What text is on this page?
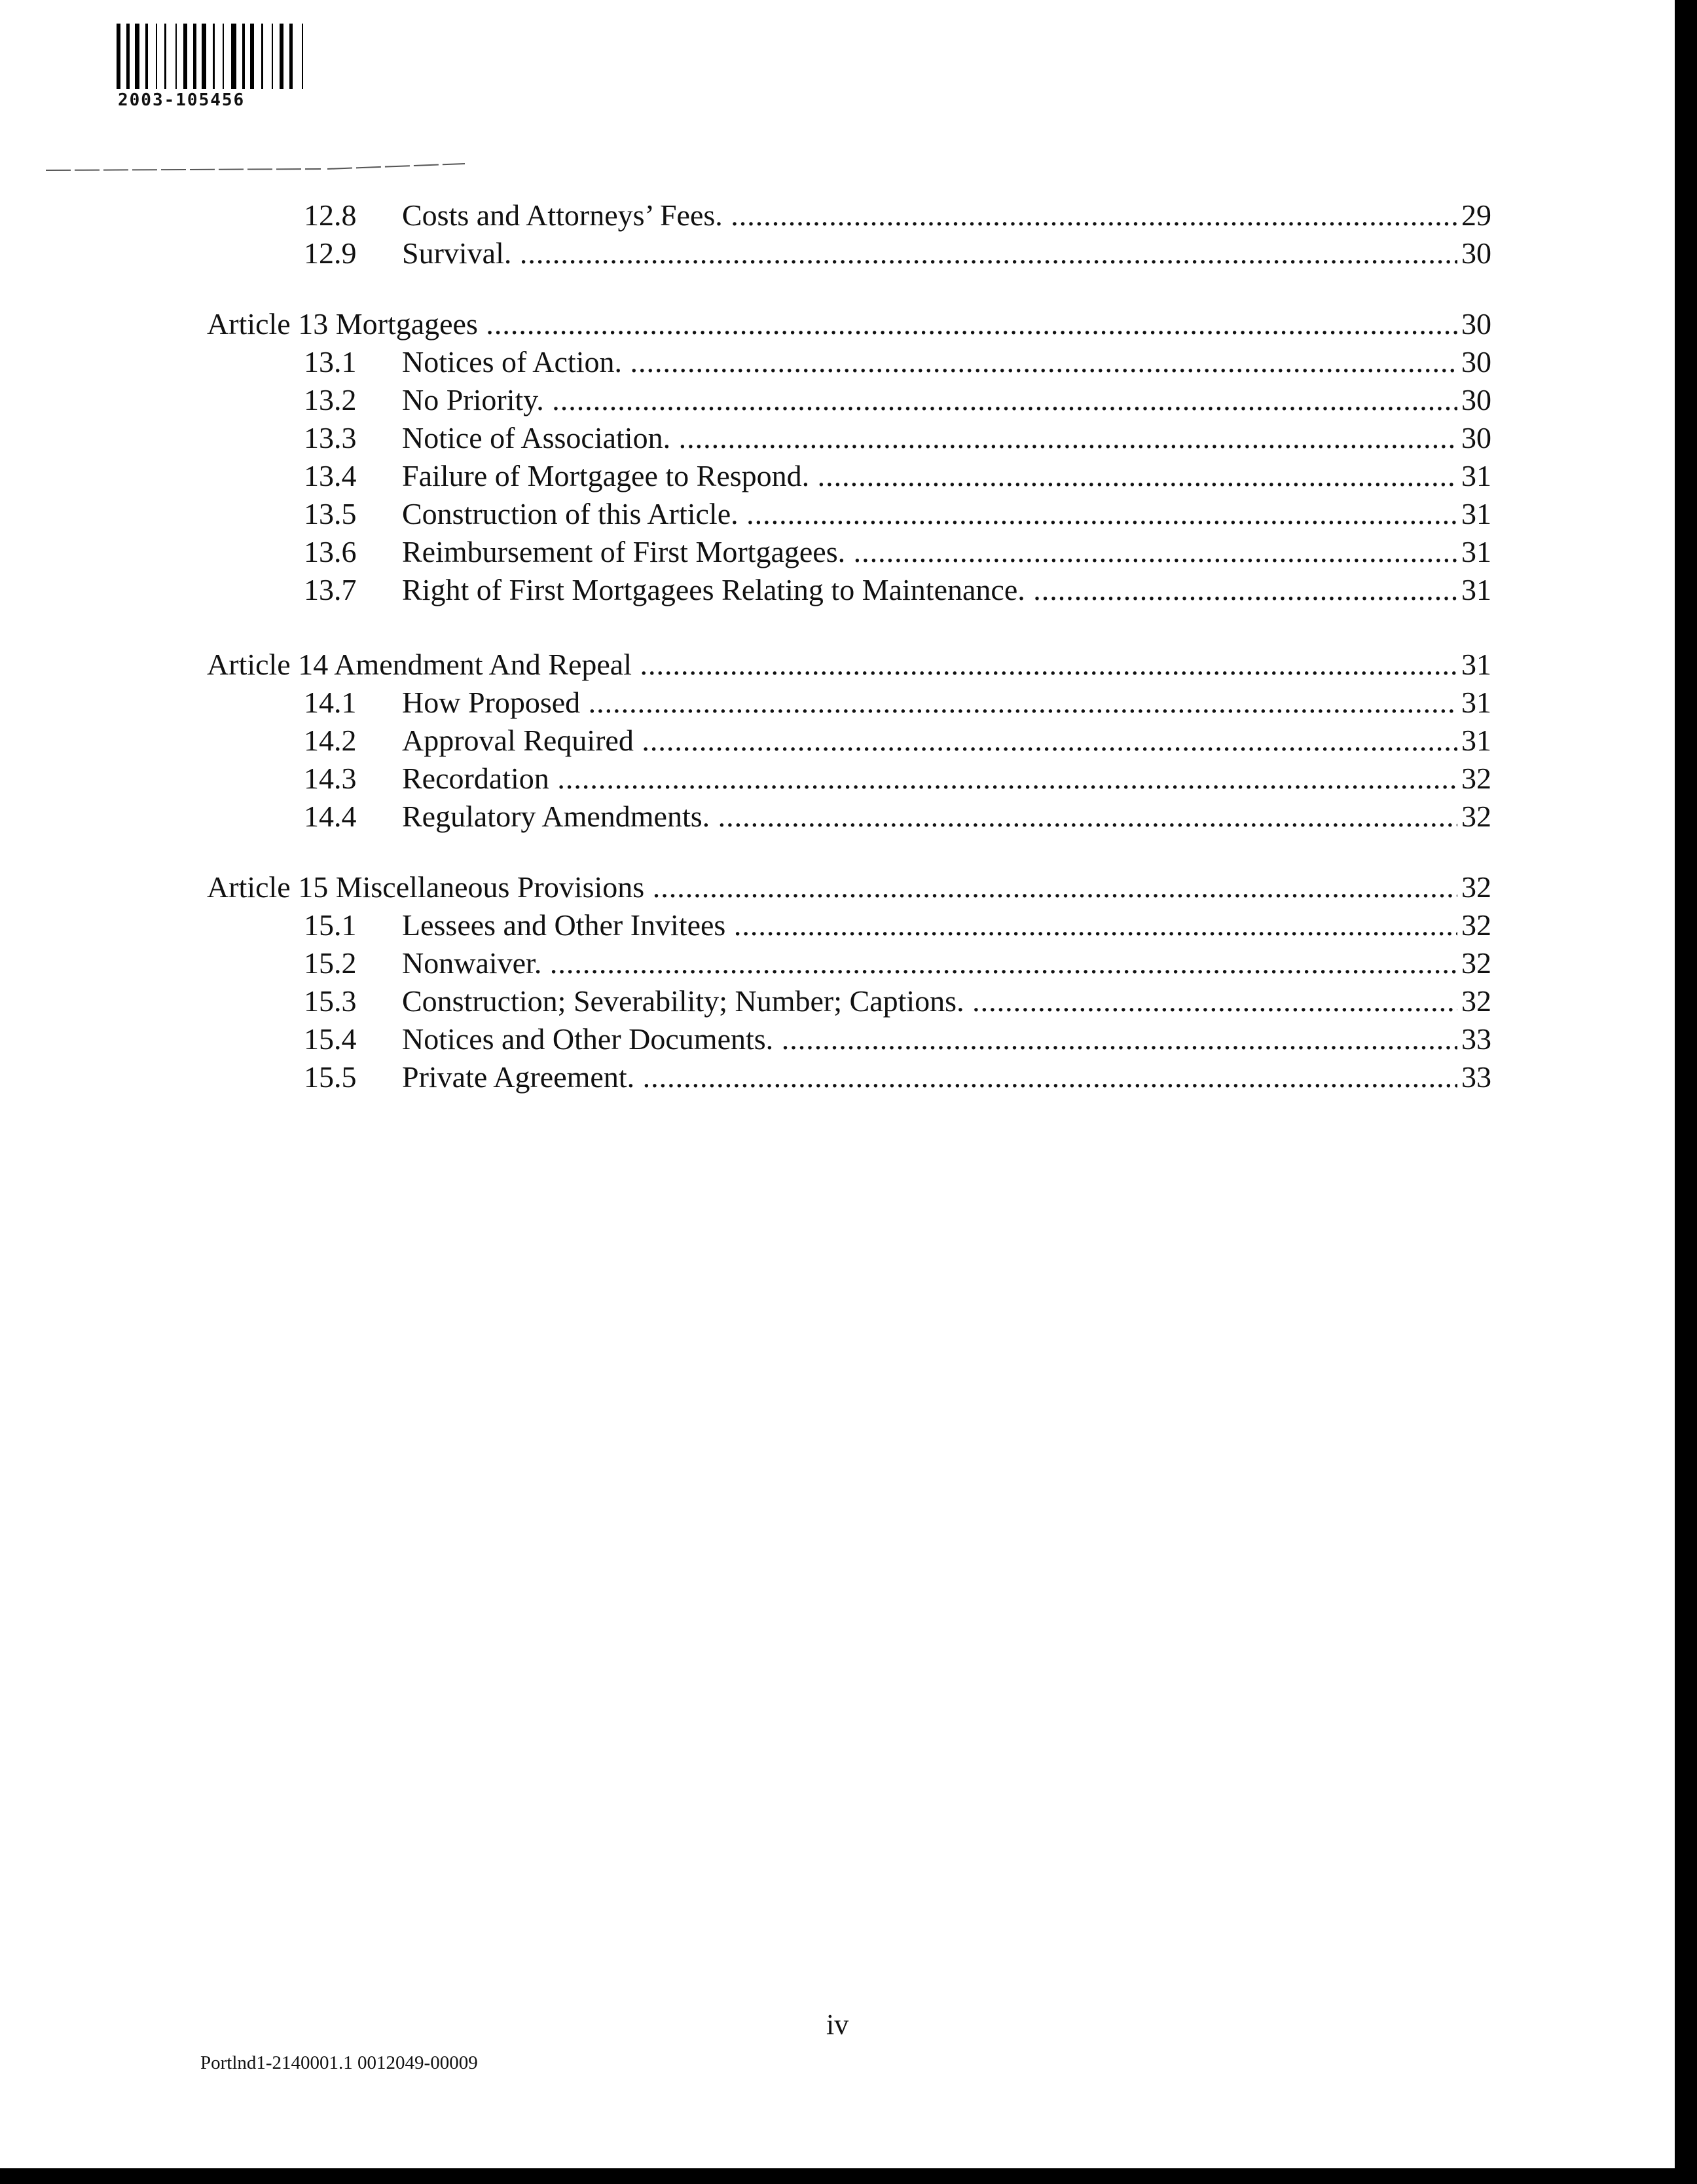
2003-105456
12.8 Costs and Attorneys’ Fees. .....	29
12.9 Survival. .....	30
Article 13 Mortgagees .....	30
13.1 Notices of Action. .....	30
13.2 No Priority. .....	30
13.3 Notice of Association. .....	30
13.4 Failure of Mortgagee to Respond. .....	31
13.5 Construction of this Article. .....	31
13.6 Reimbursement of First Mortgagees. .....	31
13.7 Right of First Mortgagees Relating to Maintenance. .....	31
Article 14 Amendment And Repeal .....	31
14.1 How Proposed .....	31
14.2 Approval Required .....	31
14.3 Recordation .....	32
14.4 Regulatory Amendments. .....	32
Article 15 Miscellaneous Provisions .....	32
15.1 Lessees and Other Invitees .....	32
15.2 Nonwaiver. .....	32
15.3 Construction; Severability; Number; Captions. .....	32
15.4 Notices and Other Documents. .....	33
15.5 Private Agreement. .....	33
iv
Portlnd1-2140001.1 0012049-00009
